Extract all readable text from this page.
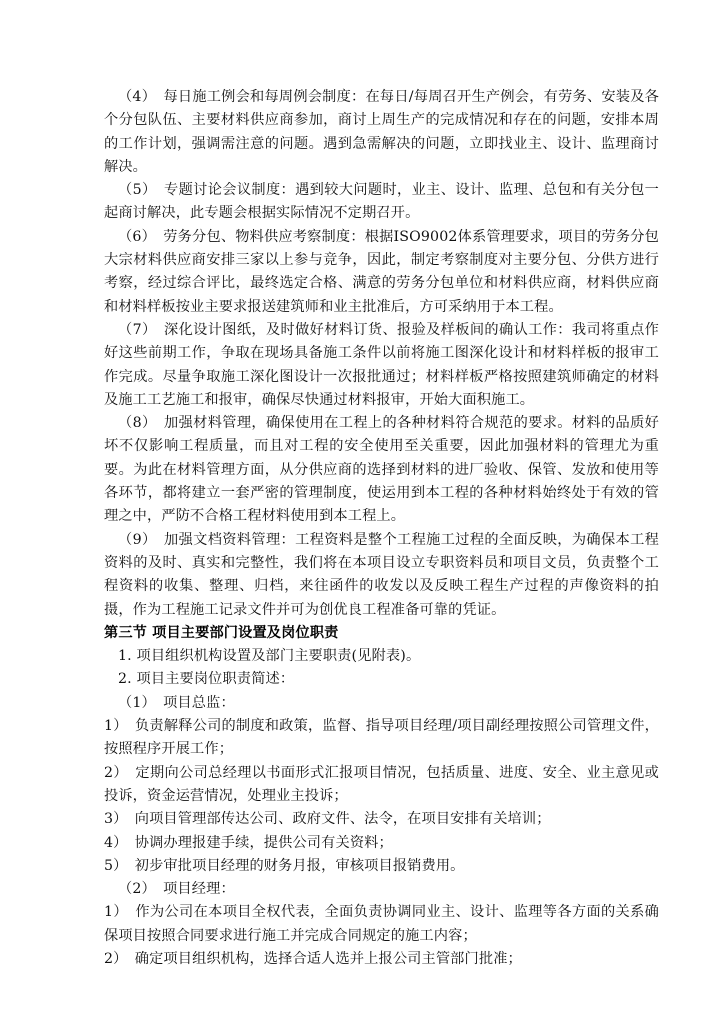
（4）　每日施工例会和每周例会制度：在每日/每周召开生产例会，有劳务、安装及各个分包队伍、主要材料供应商参加，商讨上周生产的完成情况和存在的问题，安排本周的工作计划，强调需注意的问题。遇到急需解决的问题，立即找业主、设计、监理商讨解决。

（5）　专题讨论会议制度：遇到较大问题时，业主、设计、监理、总包和有关分包一起商讨解决，此专题会根据实际情况不定期召开。

（6）　劳务分包、物料供应考察制度：根据ISO9002体系管理要求，项目的劳务分包大宗材料供应商安排三家以上参与竞争，因此，制定考察制度对主要分包、分供方进行考察，经过综合评比，最终选定合格、满意的劳务分包单位和材料供应商，材料供应商和材料样板按业主要求报送建筑师和业主批准后，方可采纳用于本工程。

（7）　深化设计图纸，及时做好材料订货、报验及样板间的确认工作：我司将重点作好这些前期工作，争取在现场具备施工条件以前将施工图深化设计和材料样板的报审工作完成。尽量争取施工深化图设计一次报批通过；材料样板严格按照建筑师确定的材料及施工工艺施工和报审，确保尽快通过材料报审，开始大面积施工。

（8）　加强材料管理，确保使用在工程上的各种材料符合规范的要求。材料的品质好坏不仅影响工程质量，而且对工程的安全使用至关重要，因此加强材料的管理尤为重要。为此在材料管理方面，从分供应商的选择到材料的进厂验收、保管、发放和使用等各环节，都将建立一套严密的管理制度，使运用到本工程的各种材料始终处于有效的管理之中，严防不合格工程材料使用到本工程上。

（9）　加强文档资料管理：工程资料是整个工程施工过程的全面反映，为确保本工程资料的及时、真实和完整性，我们将在本项目设立专职资料员和项目文员，负责整个工程资料的收集、整理、归档，来往函件的收发以及反映工程生产过程的声像资料的拍摄，作为工程施工记录文件并可为创优良工程准备可靠的凭证。

第三节 项目主要部门设置及岗位职责

1. 项目组织机构设置及部门主要职责(见附表)。

2. 项目主要岗位职责简述：

（1）　项目总监：

1）　负责解释公司的制度和政策，监督、指导项目经理/项目副经理按照公司管理文件，按照程序开展工作；

2）　定期向公司总经理以书面形式汇报项目情况，包括质量、进度、安全、业主意见或投诉，资金运营情况，处理业主投诉；

3）　向项目管理部传达公司、政府文件、法令，在项目安排有关培训；

4）　协调办理报建手续，提供公司有关资料；

5）　初步审批项目经理的财务月报，审核项目报销费用。

（2）　项目经理：

1）　作为公司在本项目全权代表，全面负责协调同业主、设计、监理等各方面的关系确保项目按照合同要求进行施工并完成合同规定的施工内容；

2）　确定项目组织机构，选择合适人选并上报公司主管部门批准；
